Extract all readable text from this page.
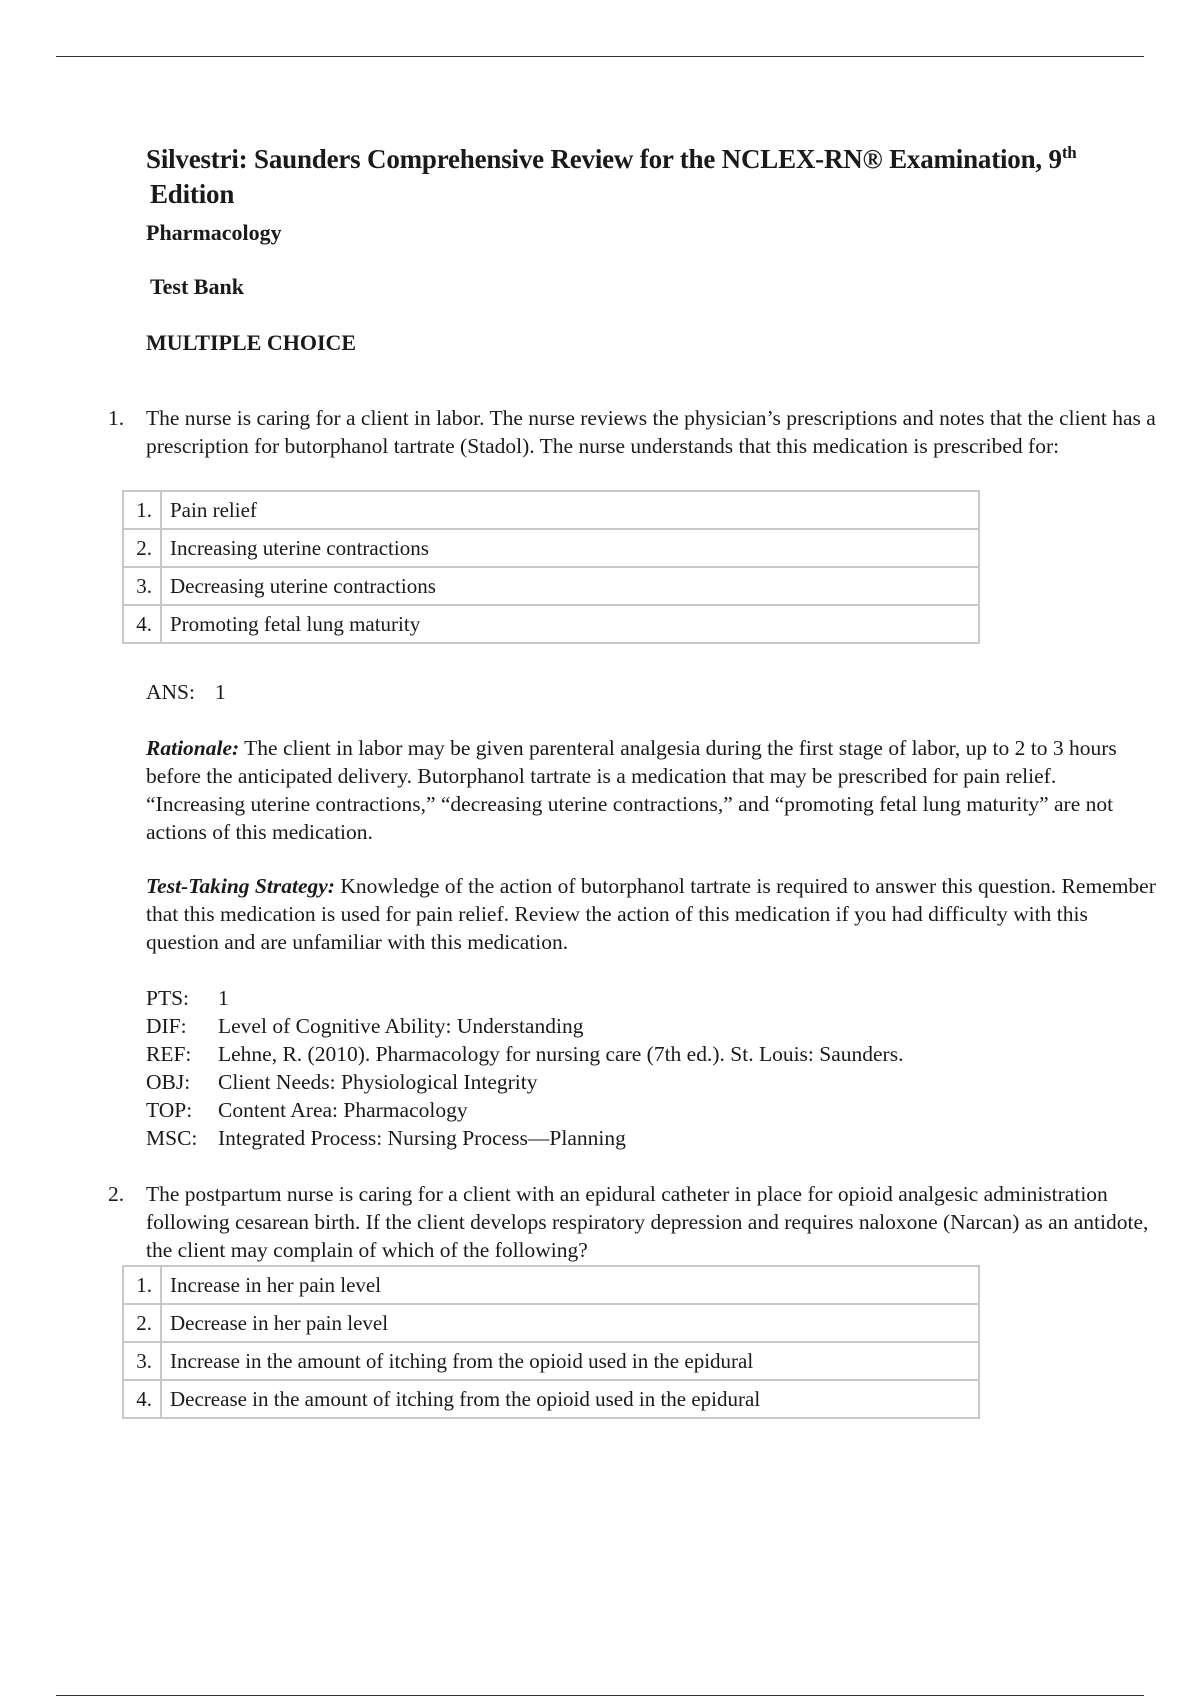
Silvestri: Saunders Comprehensive Review for the NCLEX-RN® Examination, 9th
Edition
Pharmacology
Test Bank
MULTIPLE CHOICE
1. The nurse is caring for a client in labor. The nurse reviews the physician’s prescriptions and notes that the client has a prescription for butorphanol tartrate (Stadol). The nurse understands that this medication is prescribed for:
1.	Pain relief
2.	Increasing uterine contractions
3.	Decreasing uterine contractions
4.	Promoting fetal lung maturity
ANS: 1
Rationale: The client in labor may be given parenteral analgesia during the first stage of labor, up to 2 to 3 hours before the anticipated delivery. Butorphanol tartrate is a medication that may be prescribed for pain relief. “Increasing uterine contractions,” “decreasing uterine contractions,” and “promoting fetal lung maturity” are not actions of this medication.
Test-Taking Strategy: Knowledge of the action of butorphanol tartrate is required to answer this question. Remember that this medication is used for pain relief. Review the action of this medication if you had difficulty with this question and are unfamiliar with this medication.
PTS: 1
DIF: Level of Cognitive Ability: Understanding
REF: Lehne, R. (2010). Pharmacology for nursing care (7th ed.). St. Louis: Saunders.
OBJ: Client Needs: Physiological Integrity
TOP: Content Area: Pharmacology
MSC: Integrated Process: Nursing Process—Planning
2. The postpartum nurse is caring for a client with an epidural catheter in place for opioid analgesic administration following cesarean birth. If the client develops respiratory depression and requires naloxone (Narcan) as an antidote, the client may complain of which of the following?
1.	Increase in her pain level
2.	Decrease in her pain level
3.	Increase in the amount of itching from the opioid used in the epidural
4.	Decrease in the amount of itching from the opioid used in the epidural
